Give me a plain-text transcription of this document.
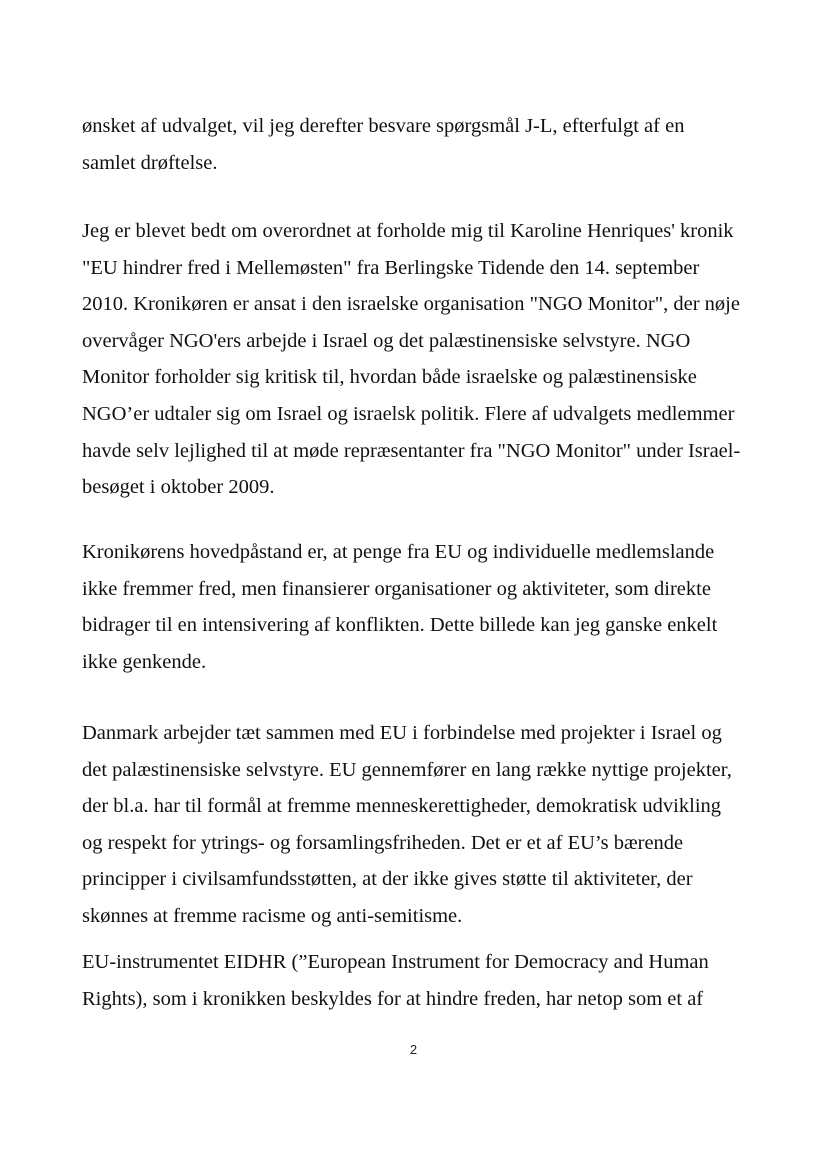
ønsket af udvalget, vil jeg derefter besvare spørgsmål J-L, efterfulgt af en
samlet drøftelse.

Jeg er blevet bedt om overordnet at forholde mig til Karoline Henriques' kronik
"EU hindrer fred i Mellemøsten" fra Berlingske Tidende den 14. september
2010. Kronikøren er ansat i den israelske organisation "NGO Monitor", der nøje
overvåger NGO'ers arbejde i Israel og det palæstinensiske selvstyre. NGO
Monitor forholder sig kritisk til, hvordan både israelske og palæstinensiske
NGO’er udtaler sig om Israel og israelsk politik. Flere af udvalgets medlemmer
havde selv lejlighed til at møde repræsentanter fra "NGO Monitor" under Israel-
besøget i oktober 2009.

Kronikørens hovedpåstand er, at penge fra EU og individuelle medlemslande
ikke fremmer fred, men finansierer organisationer og aktiviteter, som direkte
bidrager til en intensivering af konflikten. Dette billede kan jeg ganske enkelt
ikke genkende.

Danmark arbejder tæt sammen med EU i forbindelse med projekter i Israel og
det palæstinensiske selvstyre. EU gennemfører en lang række nyttige projekter,
der bl.a. har til formål at fremme menneskerettigheder, demokratisk udvikling
og respekt for ytrings- og forsamlingsfriheden. Det er et af EU’s bærende
principper i civilsamfundsstøtten, at der ikke gives støtte til aktiviteter, der
skønnes at fremme racisme og anti-semitisme.

EU-instrumentet EIDHR (”European Instrument for Democracy and Human
Rights), som i kronikken beskyldes for at hindre freden, har netop som et af

2
